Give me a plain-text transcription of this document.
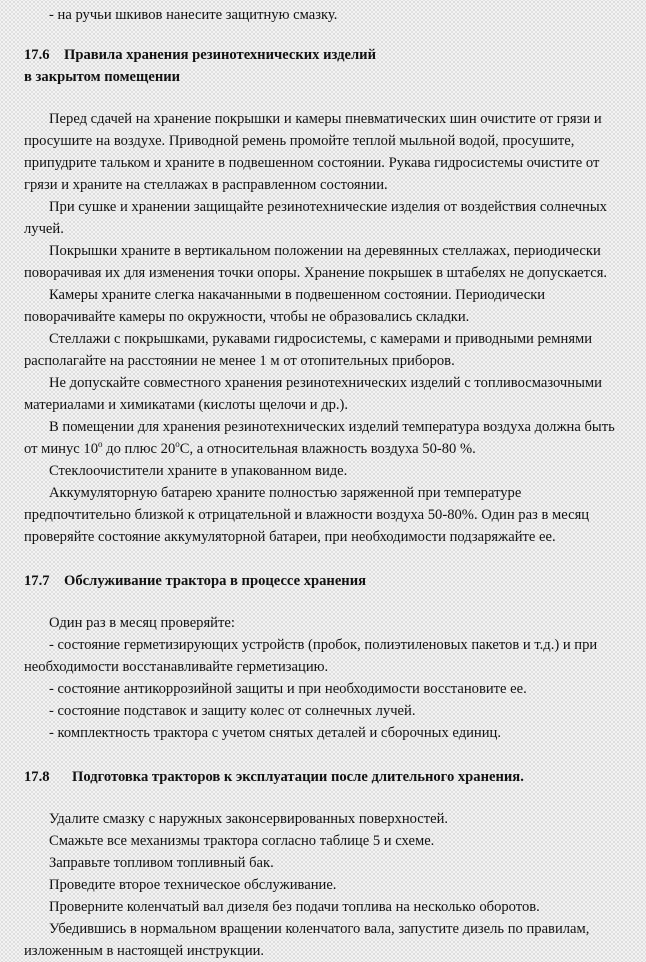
- на ручьи шкивов нанесите защитную смазку.

17.6 Правила хранения резинотехнических изделий
в закрытом помещении

Перед сдачей на хранение покрышки и камеры пневматических шин очистите от грязи и просушите на воздухе. Приводной ремень промойте теплой мыльной водой, просушите, припудрите тальком и храните в подвешенном состоянии. Рукава гидросистемы очистите от грязи и храните на стеллажах в расправленном состоянии.

При сушке и хранении защищайте резинотехнические изделия от воздействия солнечных лучей.

Покрышки храните в вертикальном положении на деревянных стеллажах, периодически поворачивая их для изменения точки опоры. Хранение покрышек в штабелях не допускается.

Камеры храните слегка накачанными в подвешенном состоянии. Периодически поворачивайте камеры по окружности, чтобы не образовались складки.

Стеллажи с покрышками, рукавами гидросистемы, с камерами и приводными ремнями располагайте на расстоянии не менее 1 м от отопительных приборов.

Не допускайте совместного хранения резинотехнических изделий с топливосмазочными материалами и химикатами (кислоты щелочи и др.).

В помещении для хранения резинотехнических изделий температура воздуха должна быть от минус 10$^o$ до плюс 20$^o$С, а относительная влажность воздуха 50-80 %.

Стеклоочистители храните в упакованном виде.

Аккумуляторную батарею храните полностью заряженной при температуре предпочтительно близкой к отрицательной и влажности воздуха 50-80%. Один раз в месяц проверяйте состояние аккумуляторной батареи, при необходимости подзаряжайте ее.

17.7 Обслуживание трактора в процессе хранения

Один раз в месяц проверяйте:

- состояние герметизирующих устройств (пробок, полиэтиленовых пакетов и т.д.) и при необходимости восстанавливайте герметизацию.

- состояние антикоррозийной защиты и при необходимости восстановите ее.

- состояние подставок и защиту колес от солнечных лучей.

- комплектность трактора с учетом снятых деталей и сборочных единиц.

17.8 Подготовка тракторов к эксплуатации после длительного хранения.

Удалите смазку с наружных законсервированных поверхностей.

Смажьте все механизмы трактора согласно таблице 5 и схеме.

Заправьте топливом топливный бак.

Проведите второе техническое обслуживание.

Проверните коленчатый вал дизеля без подачи топлива на несколько оборотов.

Убедившись в нормальном вращении коленчатого вала, запустите дизель по правилам, изложенным в настоящей инструкции.
